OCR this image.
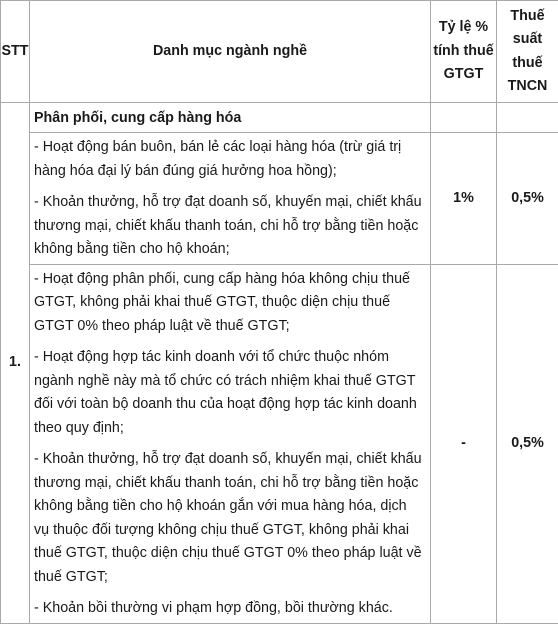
STT	Danh mục ngành nghề	Tỷ lệ % tính thuế GTGT	Thuế suất thuế TNCN
1.	Phân phối, cung cấp hàng hóa		

	- Hoạt động bán buôn, bán lẻ các loại hàng hóa (trừ giá trị hàng hóa đại lý bán đúng giá hưởng hoa hồng);

- Khoản thưởng, hỗ trợ đạt doanh số, khuyến mại, chiết khấu thương mại, chiết khấu thanh toán, chi hỗ trợ bằng tiền hoặc không bằng tiền cho hộ khoán;	1%	0,5%

	- Hoạt động phân phối, cung cấp hàng hóa không chịu thuế GTGT, không phải khai thuế GTGT, thuộc diện chịu thuế GTGT 0% theo pháp luật về thuế GTGT;

- Hoạt động hợp tác kinh doanh với tổ chức thuộc nhóm ngành nghề này mà tổ chức có trách nhiệm khai thuế GTGT đối với toàn bộ doanh thu của hoạt động hợp tác kinh doanh theo quy định;

- Khoản thưởng, hỗ trợ đạt doanh số, khuyến mại, chiết khấu thương mại, chiết khấu thanh toán, chi hỗ trợ bằng tiền hoặc không bằng tiền cho hộ khoán gắn với mua hàng hóa, dịch vụ thuộc đối tượng không chịu thuế GTGT, không phải khai thuế GTGT, thuộc diện chịu thuế GTGT 0% theo pháp luật về thuế GTGT;

- Khoản bồi thường vi phạm hợp đồng, bồi thường khác.	-	0,5%
